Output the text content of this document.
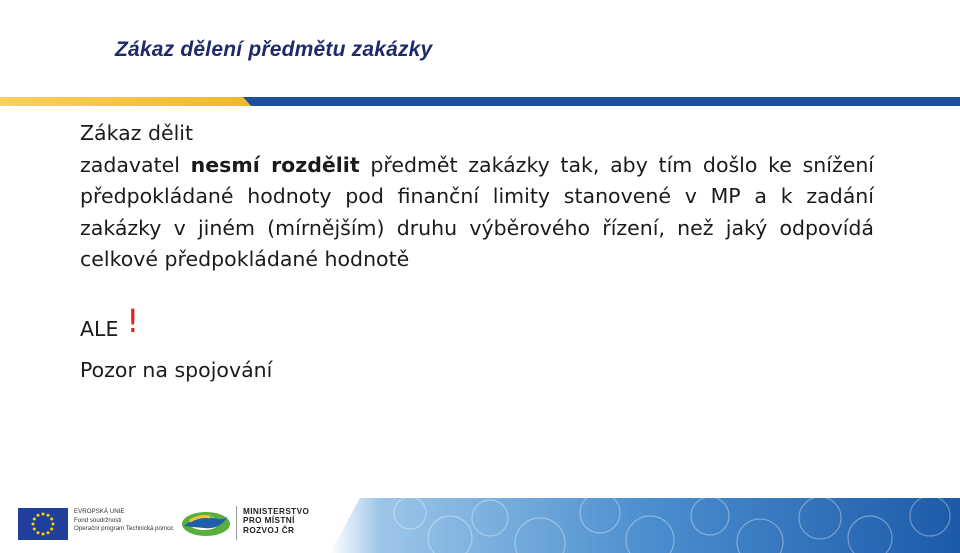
Zákaz dělení předmětu zakázky

Zákaz dělit

zadavatel nesmí rozdělit předmět zakázky tak, aby tím došlo ke snížení předpokládané hodnoty pod finanční limity stanovené v MP a k zadání zakázky v jiném (mírnějším) druhu výběrového řízení, než jaký odpovídá celkové předpokládané hodnotě

ALE !
Pozor na spojování
EVROPSKÁ UNIE
Fond soudržnosti
Operační program Technická pomoc
MINISTERSTVO
PRO MÍSTNÍ
ROZVOJ ČR
